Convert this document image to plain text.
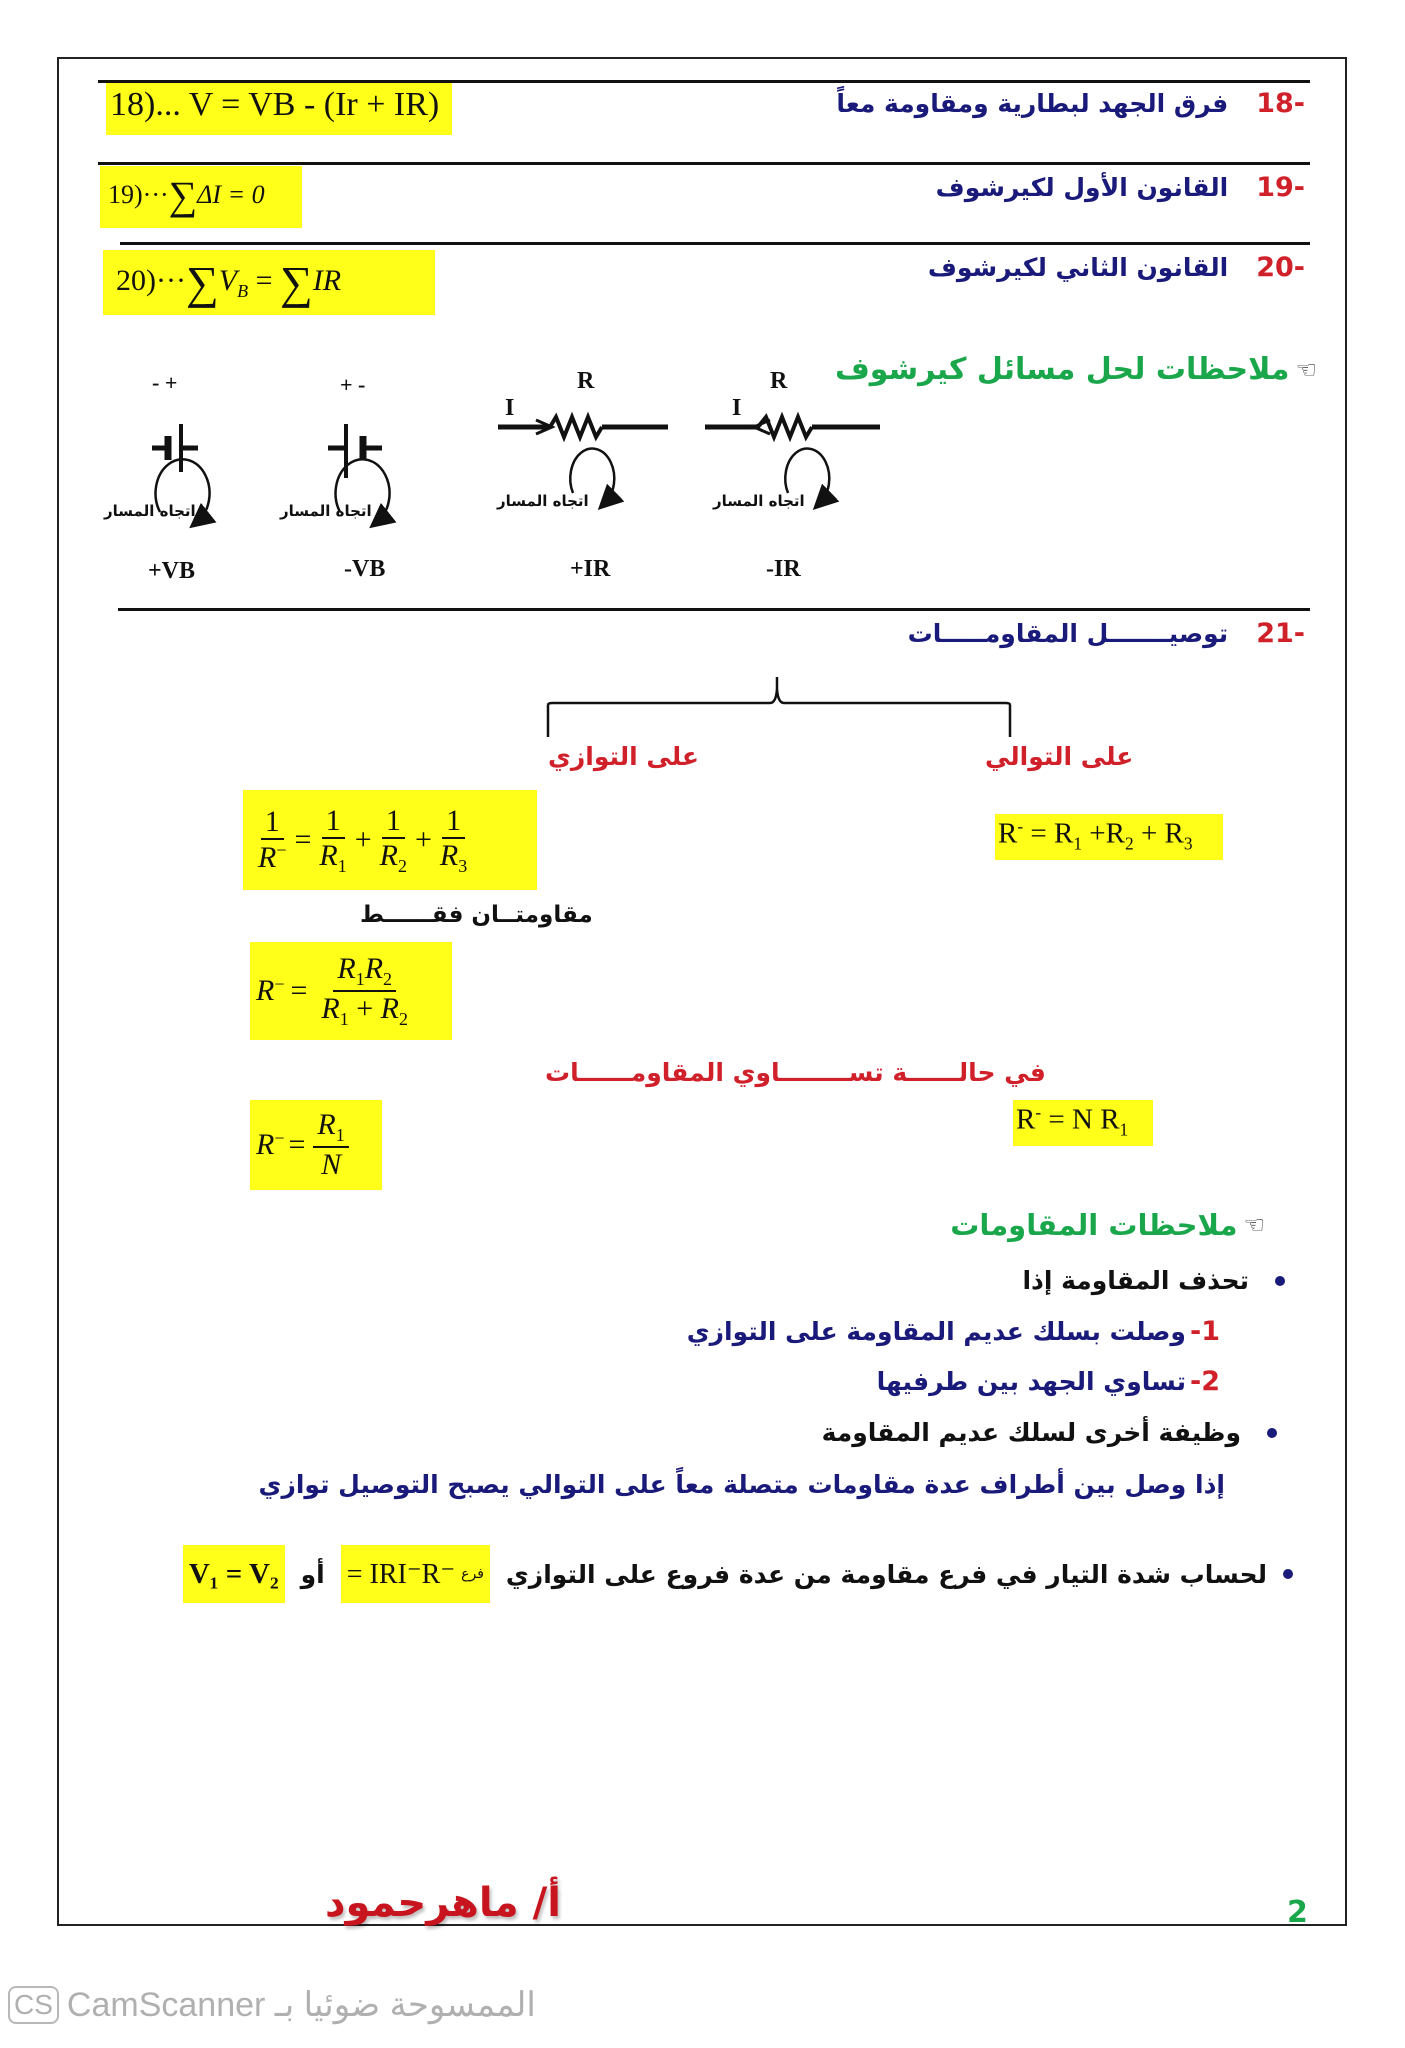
18)... V = VB - (Ir + IR)	-18
فرق الجهد لبطارية ومقاومة معاً
19)···∑ΔI = 0	-19
القانون الأول لكيرشوف
$20)\cdot\cdot\cdot\sum V_B = \sum IR$	-20
القانون الثاني لكيرشوف
☜
ملاحظات لحل مسائل كيرشوف
- +	+ -	R	R
I	I
اتجاه المسار	اتجاه المسار
اتجاه المسار	اتجاه المسار
+VB	-VB	+IR	-IR
-21
توصيـــــــل المقاومـــــات
على التوازي	على التوالي
$\frac{1}{R^-} = \frac{1}{R_1} + \frac{1}{R_2} + \frac{1}{R_3}$	$R^- = R_1 +R_2 + R_3$
مقاومتــان فقــــــط
$R^- = \frac{R_1R_2}{R_1 + R_2}$
في حالــــــة تســــــــاوي المقاومــــــات
R- = N $R_1$
$R^- = \frac{R_1}{N}$
☜
ملاحظات المقاومات
تحذف المقاومة إذا
1-
وصلت بسلك عديم المقاومة على التوازي
2-
تساوي الجهد بين طرفيها
وظيفة أخرى لسلك عديم المقاومة
إذا وصل بين أطراف عدة مقاومات متصلة معاً على التوالي يصبح التوصيل توازي
لحساب شدة التيار في فرع مقاومة من عدة فروع على التوازي
= IRI⁻R⁻ فرع
أو
V₁ = V₂
أ/ ماهرحمود	2
CS الممسوحة ضوئيا بـ CamScanner
